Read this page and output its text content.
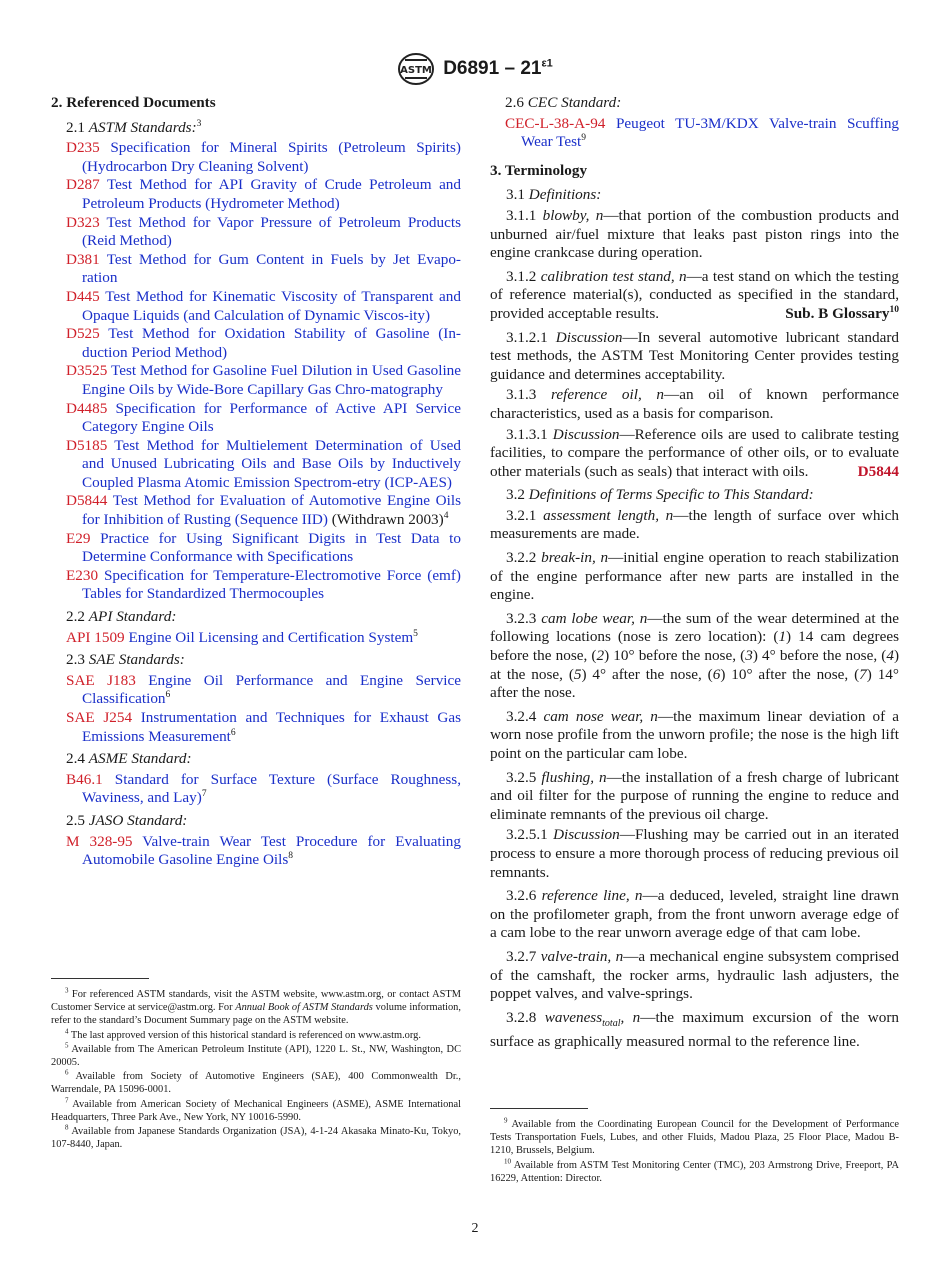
ASTM $D6891 - 21^{\varepsilon 1}$
2. Referenced Documents
2.1 ASTM Standards:$^3$
D235 Specification for Mineral Spirits (Petroleum Spirits) (Hydrocarbon Dry Cleaning Solvent)
D287 Test Method for API Gravity of Crude Petroleum and Petroleum Products (Hydrometer Method)
D323 Test Method for Vapor Pressure of Petroleum Products (Reid Method)
D381 Test Method for Gum Content in Fuels by Jet Evapo-ration
D445 Test Method for Kinematic Viscosity of Transparent and Opaque Liquids (and Calculation of Dynamic Viscos-ity)
D525 Test Method for Oxidation Stability of Gasoline (In-duction Period Method)
D3525 Test Method for Gasoline Fuel Dilution in Used Gasoline Engine Oils by Wide-Bore Capillary Gas Chro-matography
D4485 Specification for Performance of Active API Service Category Engine Oils
D5185 Test Method for Multielement Determination of Used and Unused Lubricating Oils and Base Oils by Inductively Coupled Plasma Atomic Emission Spectrom-etry (ICP-AES)
D5844 Test Method for Evaluation of Automotive Engine Oils for Inhibition of Rusting (Sequence IID) (Withdrawn 2003)$^4$
E29 Practice for Using Significant Digits in Test Data to Determine Conformance with Specifications
E230 Specification for Temperature-Electromotive Force (emf) Tables for Standardized Thermocouples
2.2 API Standard:
API 1509 Engine Oil Licensing and Certification System$^5$
2.3 SAE Standards:
SAE J183 Engine Oil Performance and Engine Service Classification$^6$
SAE J254 Instrumentation and Techniques for Exhaust Gas Emissions Measurement$^6$
2.4 ASME Standard:
B46.1 Standard for Surface Texture (Surface Roughness, Waviness, and Lay)$^7$
2.5 JASO Standard:
M 328-95 Valve-train Wear Test Procedure for Evaluating Automobile Gasoline Engine Oils$^8$

$^3$ For referenced ASTM standards, visit the ASTM website, www.astm.org, or contact ASTM Customer Service at service@astm.org. For Annual Book of ASTM Standards volume information, refer to the standard’s Document Summary page on the ASTM website.

$^4$ The last approved version of this historical standard is referenced on www.astm.org.

$^5$ Available from The American Petroleum Institute (API), 1220 L. St., NW, Washington, DC 20005.

$^6$ Available from Society of Automotive Engineers (SAE), 400 Commonwealth Dr., Warrendale, PA 15096-0001.

$^7$ Available from American Society of Mechanical Engineers (ASME), ASME International Headquarters, Three Park Ave., New York, NY 10016-5990.

$^8$ Available from Japanese Standards Organization (JSA), 4-1-24 Akasaka Minato-Ku, Tokyo, 107-8440, Japan.

2.6 CEC Standard:
CEC-L-38-A-94 Peugeot TU-3M/KDX Valve-train Scuffing Wear Test$^9$
3. Terminology
3.1 Definitions:
3.1.1 blowby, n—that portion of the combustion products and unburned air/fuel mixture that leaks past piston rings into the engine crankcase during operation.
3.1.2 calibration test stand, n—a test stand on which the testing of reference material(s), conducted as specified in the standard, provided acceptable results.	Sub. B Glossary$^{10}$
3.1.2.1 Discussion—In several automotive lubricant standard test methods, the ASTM Test Monitoring Center provides testing guidance and determines acceptability.
3.1.3 reference oil, n—an oil of known performance characteristics, used as a basis for comparison.
3.1.3.1 Discussion—Reference oils are used to calibrate testing facilities, to compare the performance of other oils, or to evaluate other materials (such as seals) that interact with oils.	D5844
3.2 Definitions of Terms Specific to This Standard:
3.2.1 assessment length, n—the length of surface over which measurements are made.
3.2.2 break-in, n—initial engine operation to reach stabilization of the engine performance after new parts are installed in the engine.
3.2.3 cam lobe wear, n—the sum of the wear determined at the following locations (nose is zero location): (1) 14 cam degrees before the nose, (2) 10° before the nose, (3) 4° before the nose, (4) at the nose, (5) 4° after the nose, (6) 10° after the nose, (7) 14° after the nose.
3.2.4 cam nose wear, n—the maximum linear deviation of a worn nose profile from the unworn profile; the nose is the high lift point on the particular cam lobe.
3.2.5 flushing, n—the installation of a fresh charge of lubricant and oil filter for the purpose of running the engine to reduce and eliminate remnants of the previous oil charge.
3.2.5.1 Discussion—Flushing may be carried out in an iterated process to ensure a more thorough process of reducing previous oil remnants.
3.2.6 reference line, n—a deduced, leveled, straight line drawn on the profilometer graph, from the front unworn average edge of a cam lobe to the rear unworn average edge of that cam lobe.
3.2.7 valve-train, n—a mechanical engine subsystem comprised of the camshaft, the rocker arms, hydraulic lash adjusters, the poppet valves, and valve-springs.
3.2.8 waveness$_{total}$, n—the maximum excursion of the worn surface as graphically measured normal to the reference line.

$^9$ Available from the Coordinating European Council for the Development of Performance Tests Transportation Fuels, Lubes, and other Fluids, Madou Plaza, 25 Floor Place, Madou B-1210, Brussels, Belgium.

$^{10}$ Available from ASTM Test Monitoring Center (TMC), 203 Armstrong Drive, Freeport, PA 16229, Attention: Director.

2
